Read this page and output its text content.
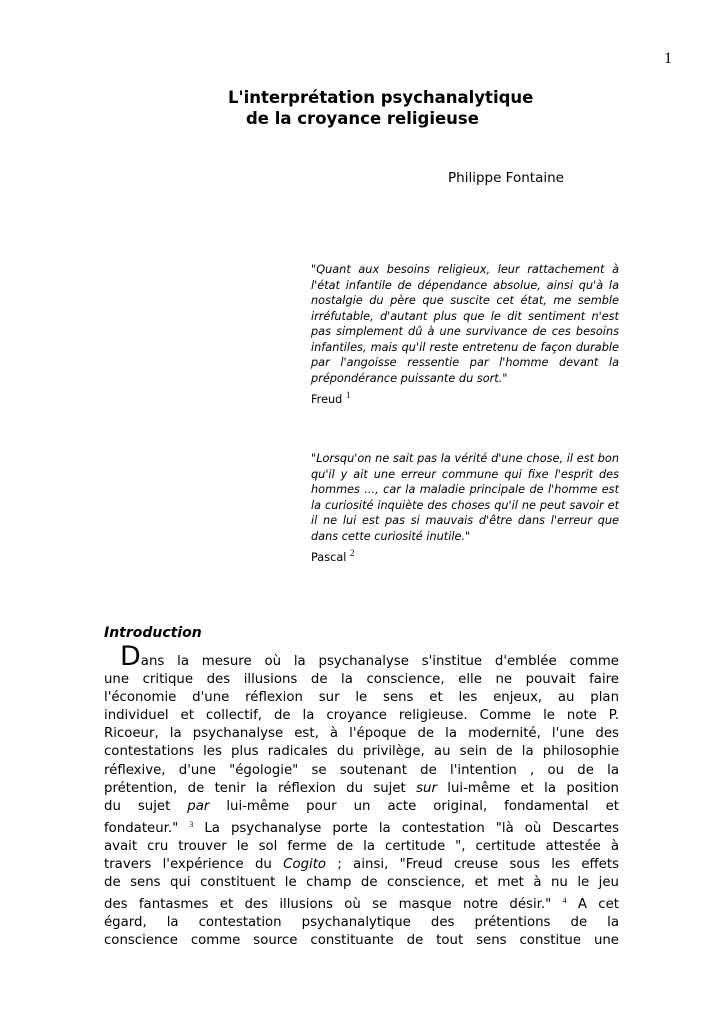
1
L'interprétation psychanalytique
de la croyance religieuse
Philippe Fontaine
"Quant aux besoins religieux, leur rattachement à l'état infantile de dépendance absolue, ainsi qu'à la nostalgie du père que suscite cet état, me semble irréfutable, d'autant plus que le dit sentiment n'est pas simplement dû à une survivance de ces besoins infantiles, mais qu'il reste entretenu de façon durable par l'angoisse ressentie par l'homme devant la prépondérance puissante du sort."
Freud $^1$
"Lorsqu'on ne sait pas la vérité d'une chose, il est bon qu'il y ait une erreur commune qui fixe l'esprit des hommes ..., car la maladie principale de l'homme est la curiosité inquiète des choses qu'il ne peut savoir et il ne lui est pas si mauvais d'être dans l'erreur que dans cette curiosité inutile."
Pascal $^2$
Introduction
Dans la mesure où la psychanalyse s'institue d'emblée comme
une critique des illusions de la conscience, elle ne pouvait faire
l'économie d'une réflexion sur le sens et les enjeux, au plan
individuel et collectif, de la croyance religieuse. Comme le note P.
Ricoeur, la psychanalyse est, à l'époque de la modernité, l'une des
contestations les plus radicales du privilège, au sein de la philosophie
réflexive, d'une "égologie" se soutenant de l'intention , ou de la
prétention, de tenir la réflexion du sujet sur lui-même et la position
du sujet par lui-même pour un acte original, fondamental et
fondateur." $^3$ La psychanalyse porte la contestation "là où Descartes
avait cru trouver le sol ferme de la certitude ", certitude attestée à
travers l'expérience du Cogito ; ainsi, "Freud creuse sous les effets
de sens qui constituent le champ de conscience, et met à nu le jeu
des fantasmes et des illusions où se masque notre désir." $^4$ A cet
égard, la contestation psychanalytique des prétentions de la
conscience comme source constituante de tout sens constitue une
